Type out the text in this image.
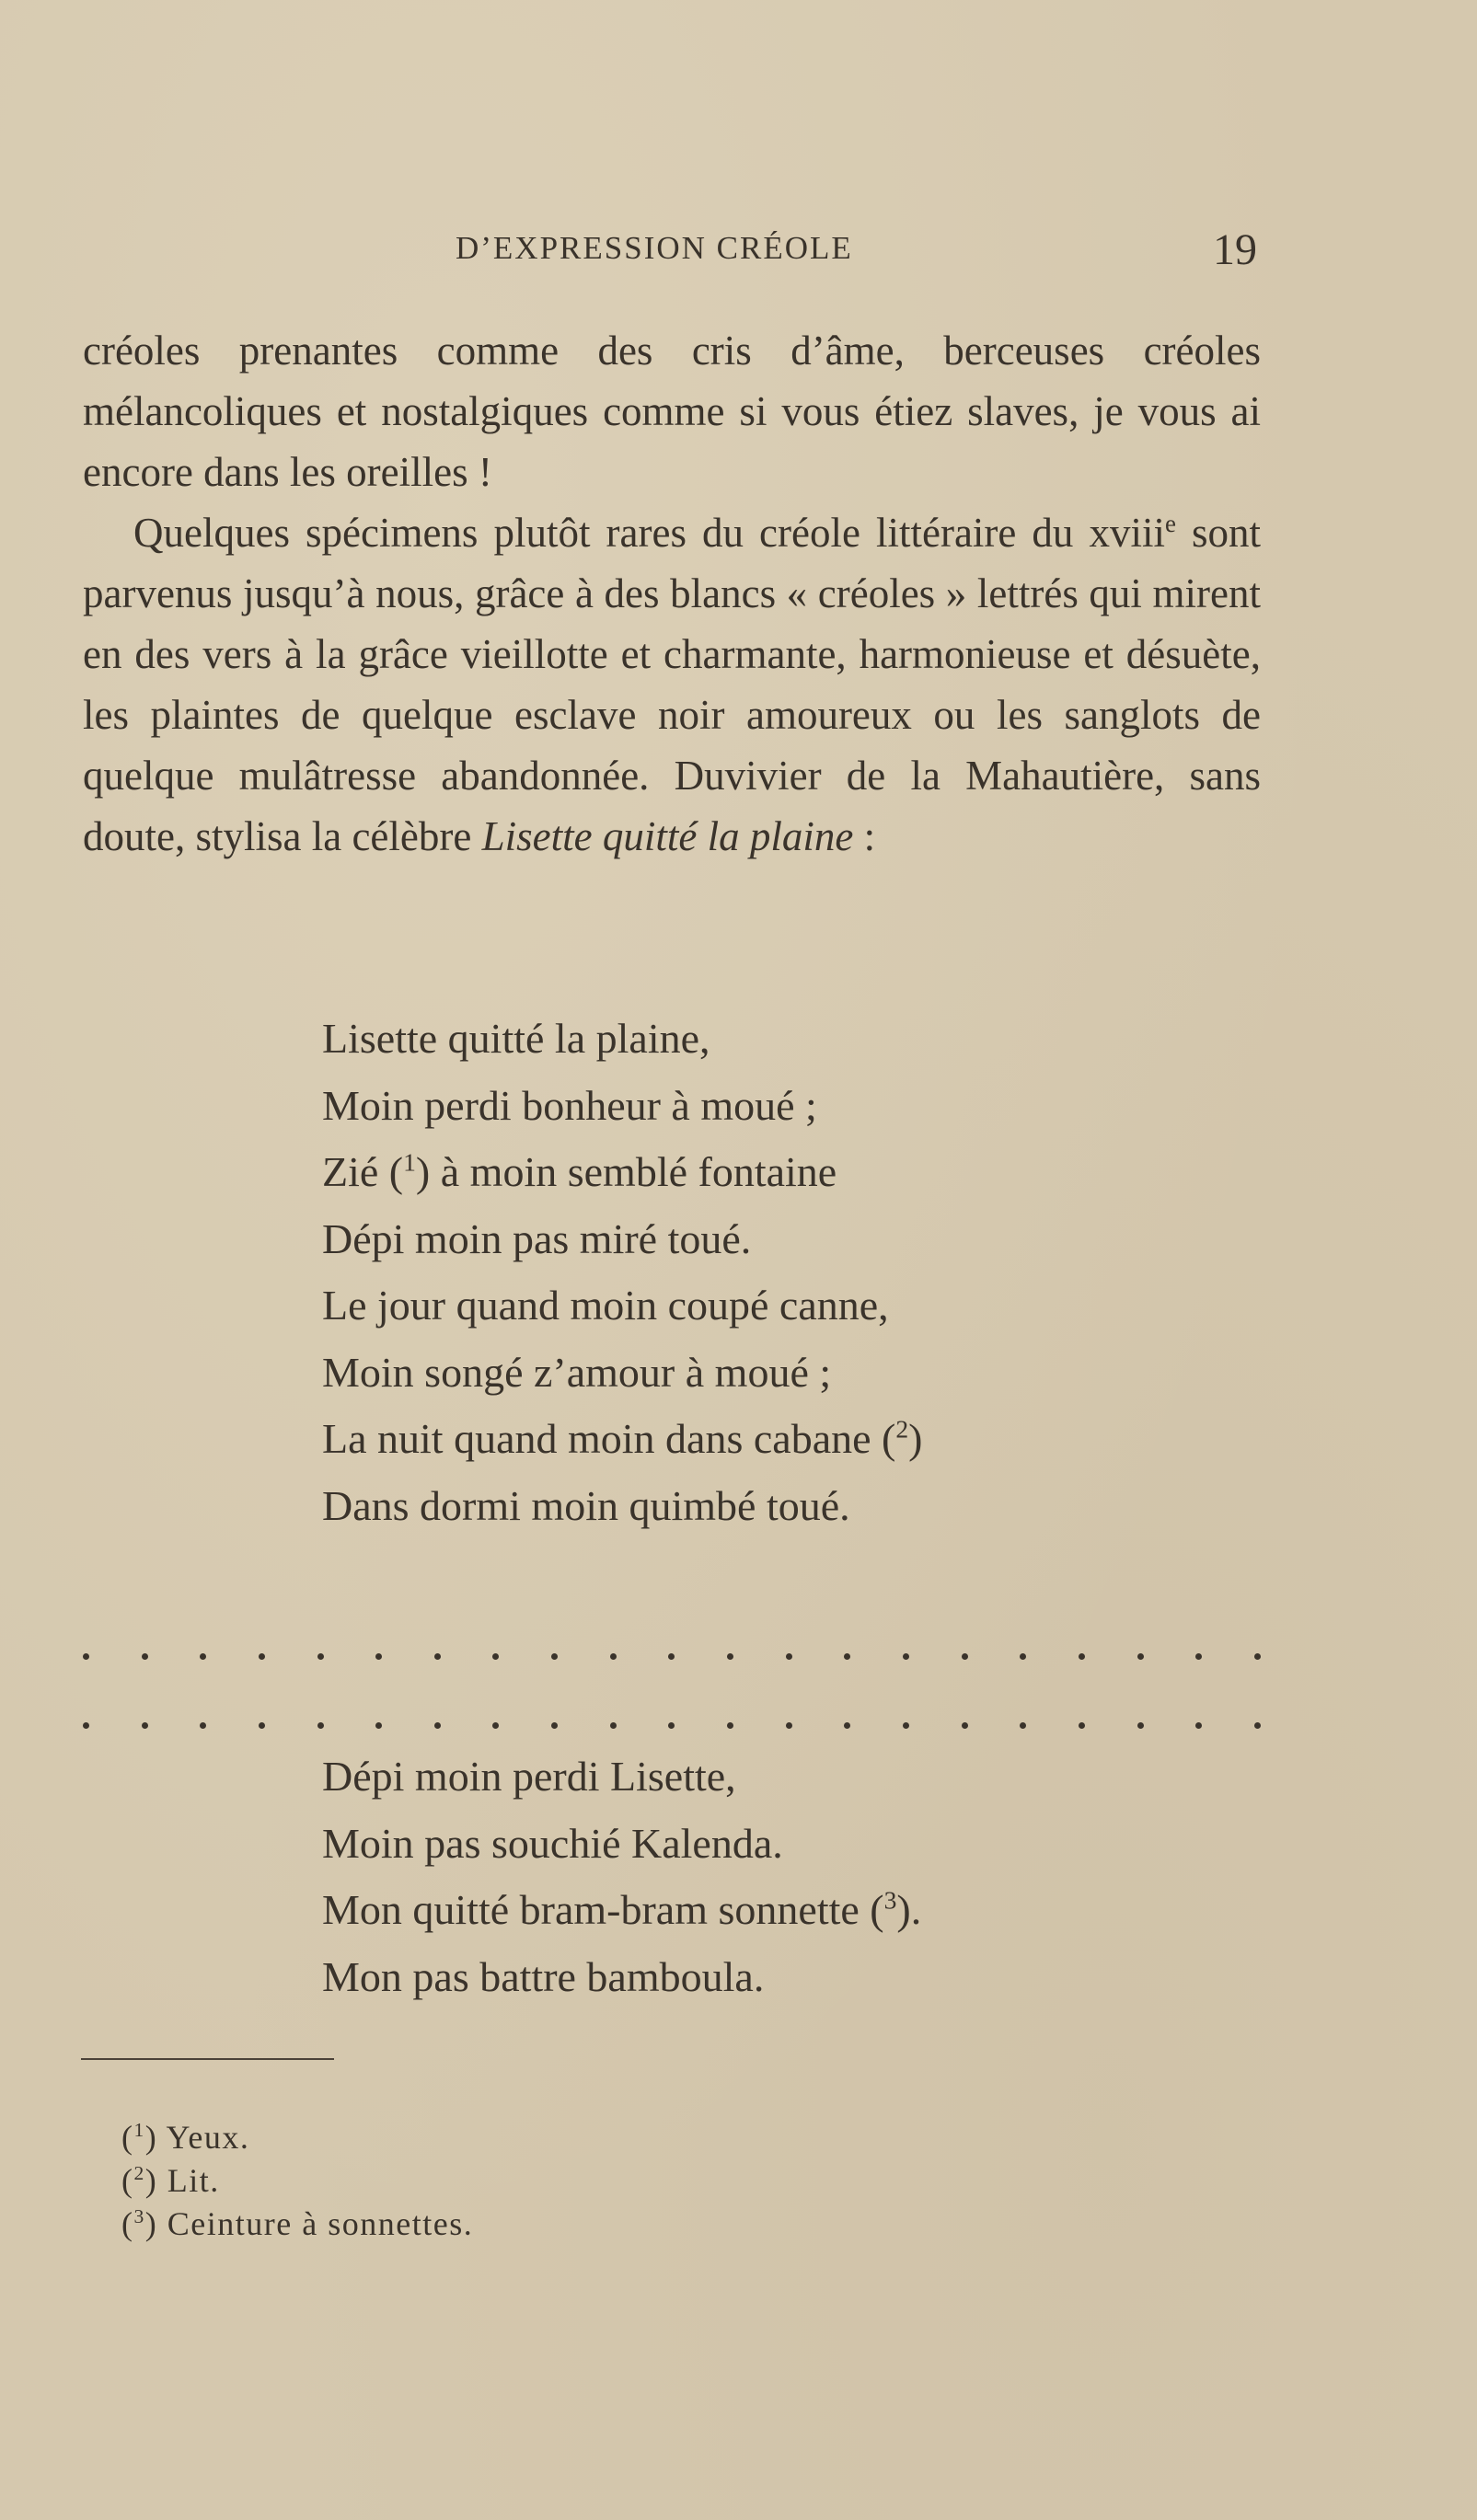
D’EXPRESSION CRÉOLE	19

créoles prenantes comme des cris d’âme, berceuses créoles mélancoliques et nostalgiques comme si vous étiez slaves, je vous ai encore dans les oreilles !

Quelques spécimens plutôt rares du créole littéraire du xviii$^e$ sont parvenus jusqu’à nous, grâce à des blancs « créoles » lettrés qui mirent en des vers à la grâce vieillotte et charmante, harmonieuse et désuète, les plaintes de quelque esclave noir amoureux ou les sanglots de quelque mulâtresse abandonnée. Duvivier de la Mahautière, sans doute, stylisa la célèbre Lisette quitté la plaine :

Lisette quitté la plaine,
Moin perdi bonheur à moué ;
Zié ($^1$) à moin semblé fontaine
Dépi moin pas miré toué.
Le jour quand moin coupé canne,
Moin songé z’amour à moué ;
La nuit quand moin dans cabane ($^2$)
Dans dormi moin quimbé toué.
Dépi moin perdi Lisette,
Moin pas souchié Kalenda.
Mon quitté bram-bram sonnette ($^3$).
Mon pas battre bamboula.
($^1$) Yeux.
($^2$) Lit.
($^3$) Ceinture à sonnettes.
